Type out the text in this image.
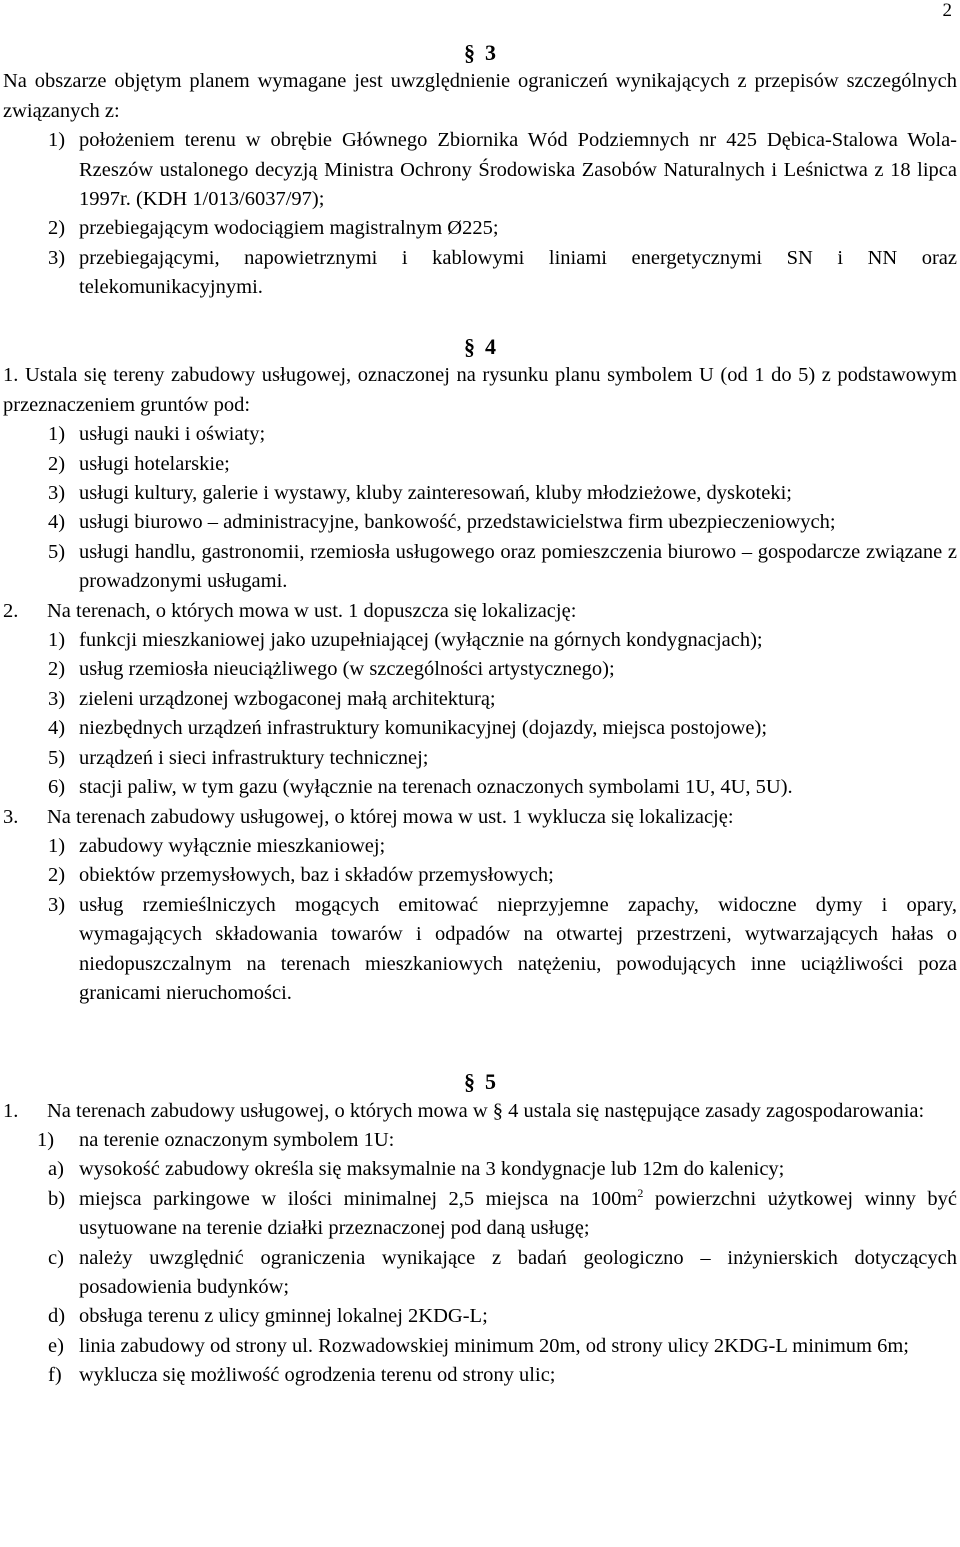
2
§ 3
Na obszarze objętym planem wymagane jest uwzględnienie ograniczeń wynikających z przepisów szczególnych związanych z:
1) położeniem terenu w obrębie Głównego Zbiornika Wód Podziemnych nr 425 Dębica-Stalowa Wola-Rzeszów ustalonego decyzją Ministra Ochrony Środowiska Zasobów Naturalnych i Leśnictwa z 18 lipca 1997r. (KDH 1/013/6037/97);
2) przebiegającym wodociągiem magistralnym Ø225;
3) przebiegającymi, napowietrznymi i kablowymi liniami energetycznymi SN i NN oraz telekomunikacyjnymi.
§ 4
1. Ustala się tereny zabudowy usługowej, oznaczonej na rysunku planu symbolem U (od 1 do 5) z podstawowym przeznaczeniem gruntów pod:
1) usługi nauki i oświaty;
2) usługi hotelarskie;
3) usługi kultury, galerie i wystawy, kluby zainteresowań, kluby młodzieżowe, dyskoteki;
4) usługi biurowo – administracyjne, bankowość, przedstawicielstwa firm ubezpieczeniowych;
5) usługi handlu, gastronomii, rzemiosła usługowego oraz pomieszczenia biurowo – gospodarcze związane z prowadzonymi usługami.
2. Na terenach, o których mowa w ust. 1 dopuszcza się lokalizację:
1) funkcji mieszkaniowej jako uzupełniającej (wyłącznie na górnych kondygnacjach);
2) usług rzemiosła nieuciążliwego (w szczególności artystycznego);
3) zieleni urządzonej wzbogaconej małą architekturą;
4) niezbędnych urządzeń infrastruktury komunikacyjnej (dojazdy, miejsca postojowe);
5) urządzeń i sieci infrastruktury technicznej;
6) stacji paliw, w tym gazu (wyłącznie na terenach oznaczonych symbolami 1U, 4U, 5U).
3. Na terenach zabudowy usługowej, o której mowa w ust. 1 wyklucza się lokalizację:
1) zabudowy wyłącznie mieszkaniowej;
2) obiektów przemysłowych, baz i składów przemysłowych;
3) usług rzemieślniczych mogących emitować nieprzyjemne zapachy, widoczne dymy i opary, wymagających składowania towarów i odpadów na otwartej przestrzeni, wytwarzających hałas o niedopuszczalnym na terenach mieszkaniowych natężeniu, powodujących inne uciążliwości poza granicami nieruchomości.
§ 5
1. Na terenach zabudowy usługowej, o których mowa w § 4 ustala się następujące zasady zagospodarowania:
1) na terenie oznaczonym symbolem 1U:
a) wysokość zabudowy określa się maksymalnie na 3 kondygnacje lub 12m do kalenicy;
b) miejsca parkingowe w ilości minimalnej 2,5 miejsca na $100m^2$ powierzchni użytkowej winny być usytuowane na terenie działki przeznaczonej pod daną usługę;
c) należy uwzględnić ograniczenia wynikające z badań geologiczno – inżynierskich dotyczących posadowienia budynków;
d) obsługa terenu z ulicy gminnej lokalnej 2KDG-L;
e) linia zabudowy od strony ul. Rozwadowskiej minimum 20m, od strony ulicy 2KDG-L minimum 6m;
f) wyklucza się możliwość ogrodzenia terenu od strony ulic;
